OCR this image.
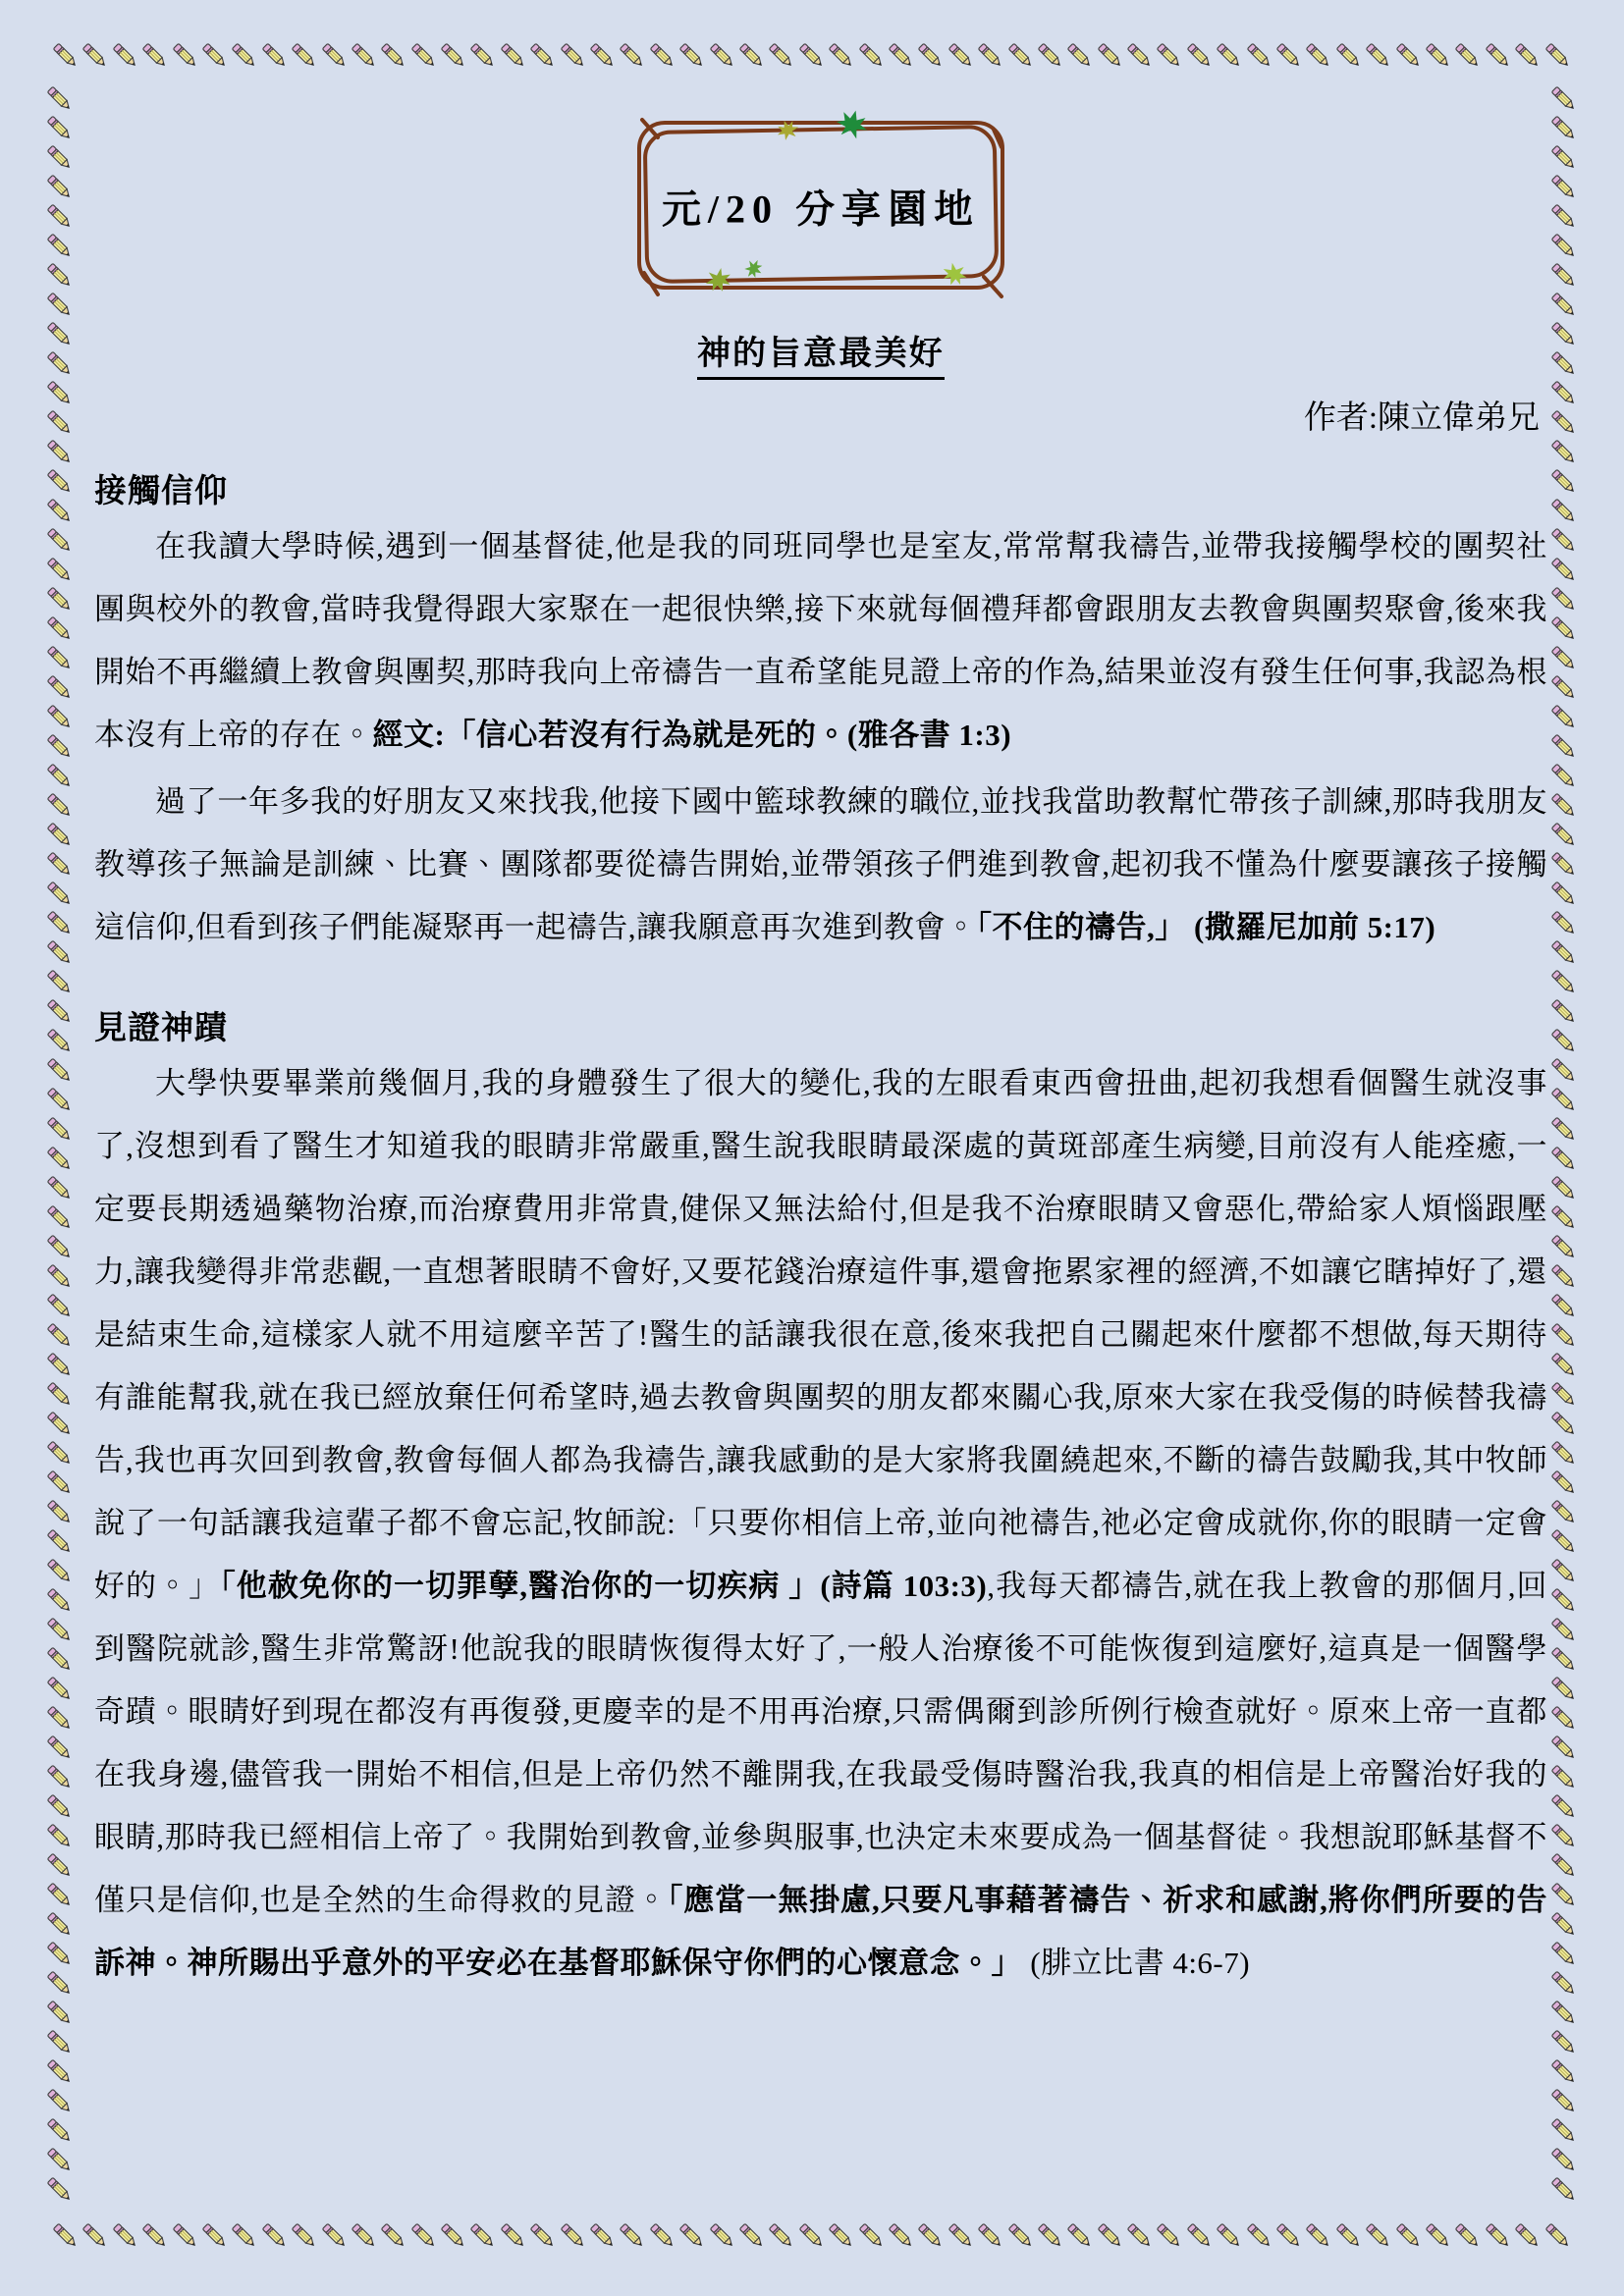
元/20 分享園地
神的旨意最美好
作者:陳立偉弟兄
接觸信仰

在我讀大學時候,遇到一個基督徒,他是我的同班同學也是室友,常常幫我禱告,並帶我接觸學校的團契社團與校外的教會,當時我覺得跟大家聚在一起很快樂,接下來就每個禮拜都會跟朋友去教會與團契聚會,後來我開始不再繼續上教會與團契,那時我向上帝禱告一直希望能見證上帝的作為,結果並沒有發生任何事,我認為根本沒有上帝的存在。經文:「信心若沒有行為就是死的。(雅各書 1:3)

過了一年多我的好朋友又來找我,他接下國中籃球教練的職位,並找我當助教幫忙帶孩子訓練,那時我朋友教導孩子無論是訓練、比賽、團隊都要從禱告開始,並帶領孩子們進到教會,起初我不懂為什麼要讓孩子接觸這信仰,但看到孩子們能凝聚再一起禱告,讓我願意再次進到教會。「不住的禱告,」 (撒羅尼加前 5:17)

見證神蹟

大學快要畢業前幾個月,我的身體發生了很大的變化,我的左眼看東西會扭曲,起初我想看個醫生就沒事了,沒想到看了醫生才知道我的眼睛非常嚴重,醫生說我眼睛最深處的黃斑部產生病變,目前沒有人能痊癒,一定要長期透過藥物治療,而治療費用非常貴,健保又無法給付,但是我不治療眼睛又會惡化,帶給家人煩惱跟壓力,讓我變得非常悲觀,一直想著眼睛不會好,又要花錢治療這件事,還會拖累家裡的經濟,不如讓它瞎掉好了,還是結束生命,這樣家人就不用這麼辛苦了!醫生的話讓我很在意,後來我把自己關起來什麼都不想做,每天期待有誰能幫我,就在我已經放棄任何希望時,過去教會與團契的朋友都來關心我,原來大家在我受傷的時候替我禱告,我也再次回到教會,教會每個人都為我禱告,讓我感動的是大家將我圍繞起來,不斷的禱告鼓勵我,其中牧師說了一句話讓我這輩子都不會忘記,牧師說:「只要你相信上帝,並向祂禱告,祂必定會成就你,你的眼睛一定會好的。」「他赦免你的一切罪孽,醫治你的一切疾病 」(詩篇 103:3),我每天都禱告,就在我上教會的那個月,回到醫院就診,醫生非常驚訝!他說我的眼睛恢復得太好了,一般人治療後不可能恢復到這麼好,這真是一個醫學奇蹟。眼睛好到現在都沒有再復發,更慶幸的是不用再治療,只需偶爾到診所例行檢查就好。原來上帝一直都在我身邊,儘管我一開始不相信,但是上帝仍然不離開我,在我最受傷時醫治我,我真的相信是上帝醫治好我的眼睛,那時我已經相信上帝了。我開始到教會,並參與服事,也決定未來要成為一個基督徒。我想說耶穌基督不僅只是信仰,也是全然的生命得救的見證。「應當一無掛慮,只要凡事藉著禱告、祈求和感謝,將你們所要的告訴神。神所賜出乎意外的平安必在基督耶穌保守你們的心懷意念。」 (腓立比書 4:6-7)
